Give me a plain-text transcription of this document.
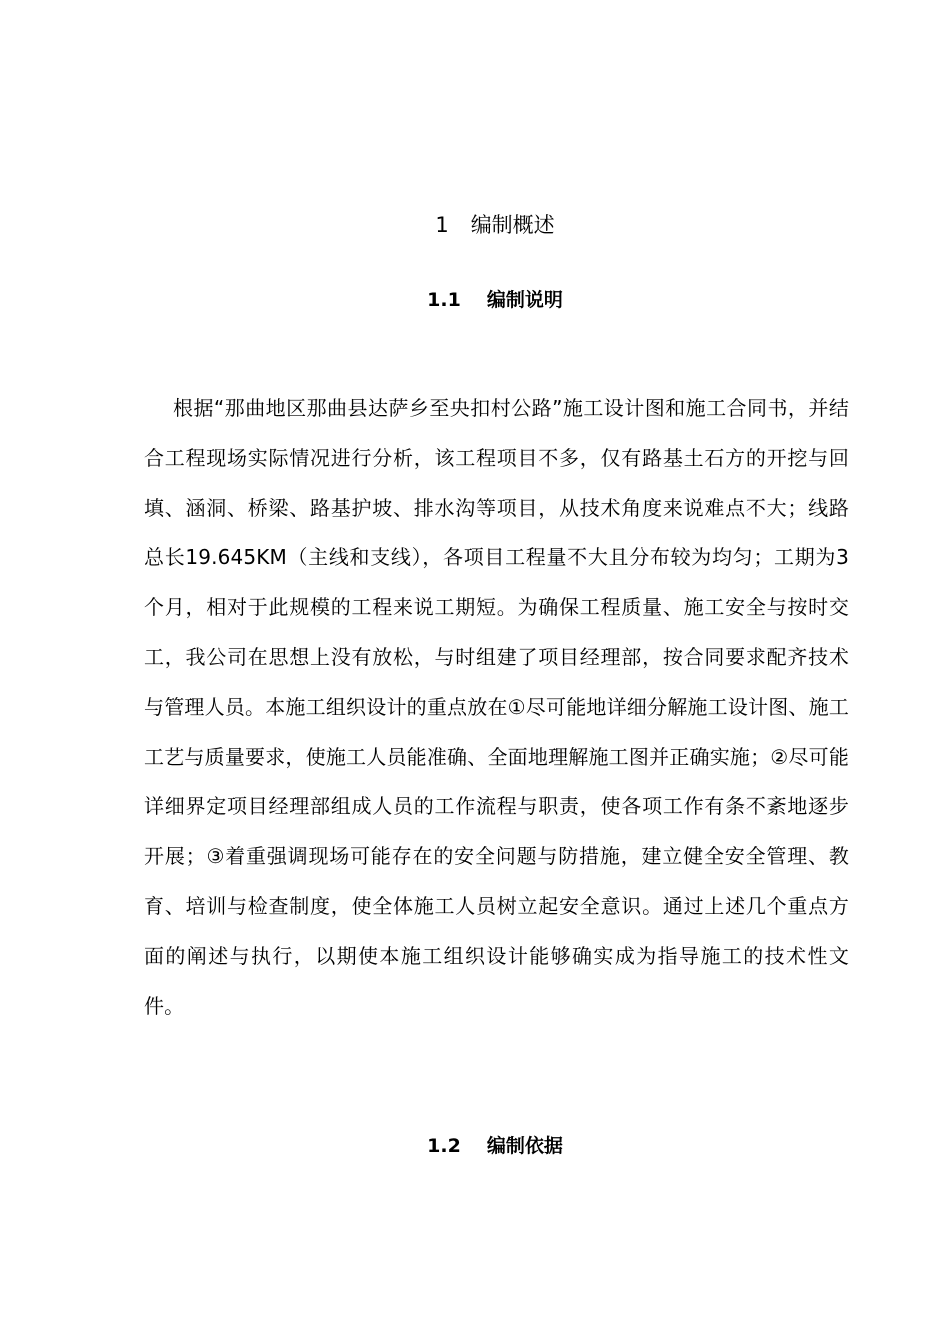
1 编制概述
1.1 编制说明

根据“那曲地区那曲县达萨乡至央扣村公路”施工设计图和施工合同书，并结合工程现场实际情况进行分析，该工程项目不多，仅有路基土石方的开挖与回填、涵洞、桥梁、路基护坡、排水沟等项目，从技术角度来说难点不大；线路总长19.645KM（主线和支线），各项目工程量不大且分布较为均匀；工期为3个月，相对于此规模的工程来说工期短。为确保工程质量、施工安全与按时交工，我公司在思想上没有放松，与时组建了项目经理部，按合同要求配齐技术与管理人员。本施工组织设计的重点放在①尽可能地详细分解施工设计图、施工工艺与质量要求，使施工人员能准确、全面地理解施工图并正确实施；②尽可能详细界定项目经理部组成人员的工作流程与职责，使各项工作有条不紊地逐步开展；③着重强调现场可能存在的安全问题与防措施，建立健全安全管理、教育、培训与检查制度，使全体施工人员树立起安全意识。通过上述几个重点方面的阐述与执行，以期使本施工组织设计能够确实成为指导施工的技术性文件。

1.2 编制依据
